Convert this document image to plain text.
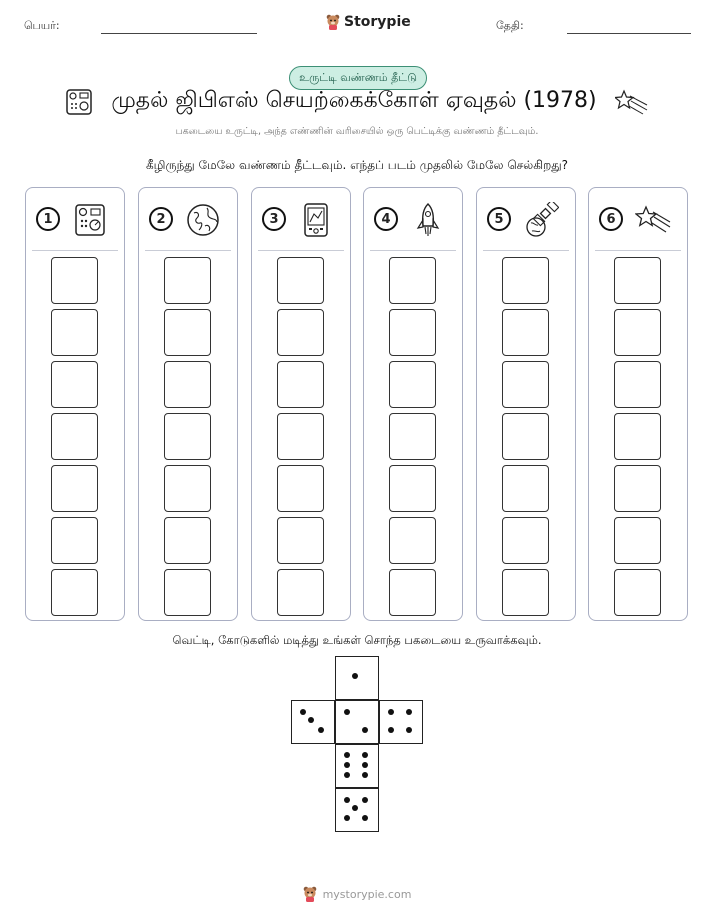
பெயர்:	Storypie	தேதி:
உருட்டி வண்ணம் தீட்டு
முதல் ஜிபிஎஸ் செயற்கைக்கோள் ஏவுதல் (1978)
பகடையை உருட்டி, அந்த எண்ணின் வரிசையில் ஒரு பெட்டிக்கு வண்ணம் தீட்டவும்.
கீழிருந்து மேலே வண்ணம் தீட்டவும். எந்தப் படம் முதலில் மேலே செல்கிறது?
1	2	3	4	5	6
வெட்டி, கோடுகளில் மடித்து உங்கள் சொந்த பகடையை உருவாக்கவும்.
mystorypie.com
